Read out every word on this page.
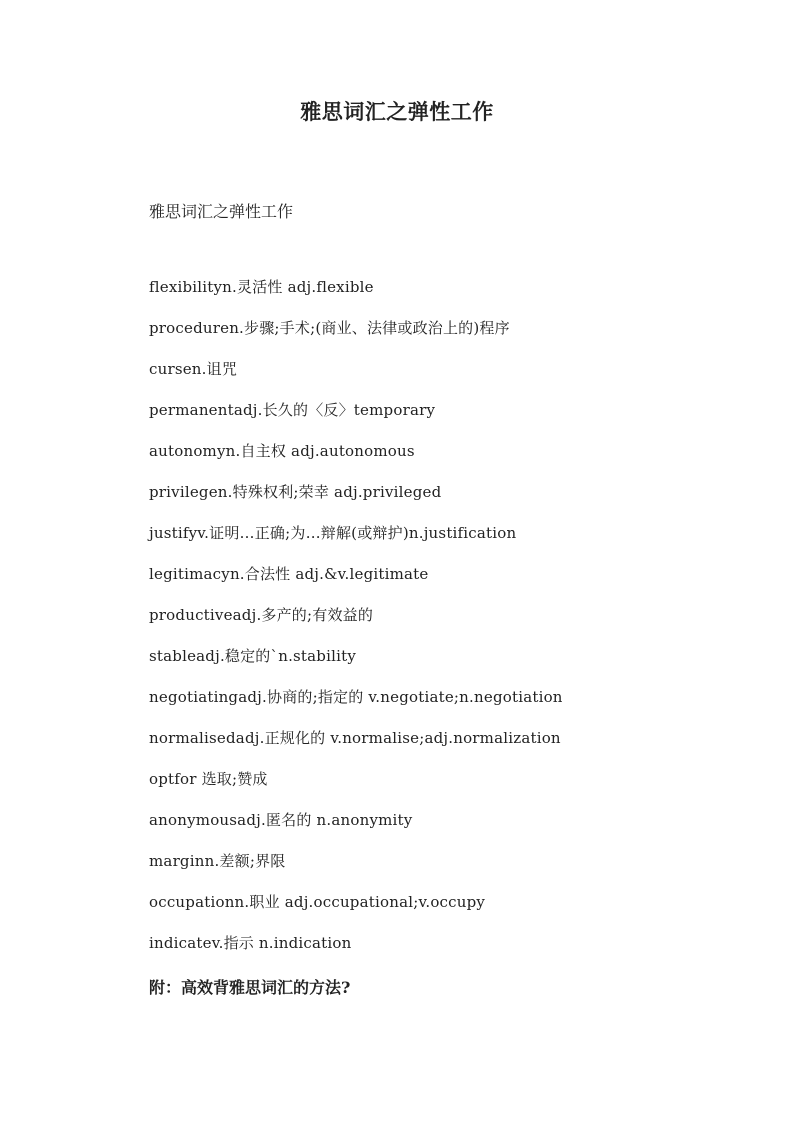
雅思词汇之弹性工作

雅思词汇之弹性工作

flexibilityn.灵活性 adj.flexible
proceduren.步骤;手术;(商业、法律或政治上的)程序
cursen.诅咒
permanentadj.长久的〈反〉temporary
autonomyn.自主权 adj.autonomous
privilegen.特殊权利;荣幸 adj.privileged
justifyv.证明…正确;为…辩解(或辩护)n.justification
legitimacyn.合法性 adj.&v.legitimate
productiveadj.多产的;有效益的
stableadj.稳定的`n.stability
negotiatingadj.协商的;指定的 v.negotiate;n.negotiation
normalisedadj.正规化的 v.normalise;adj.normalization
optfor 选取;赞成
anonymousadj.匿名的 n.anonymity
marginn.差额;界限
occupationn.职业 adj.occupational;v.occupy
indicatev.指示 n.indication

附：高效背雅思词汇的方法?
